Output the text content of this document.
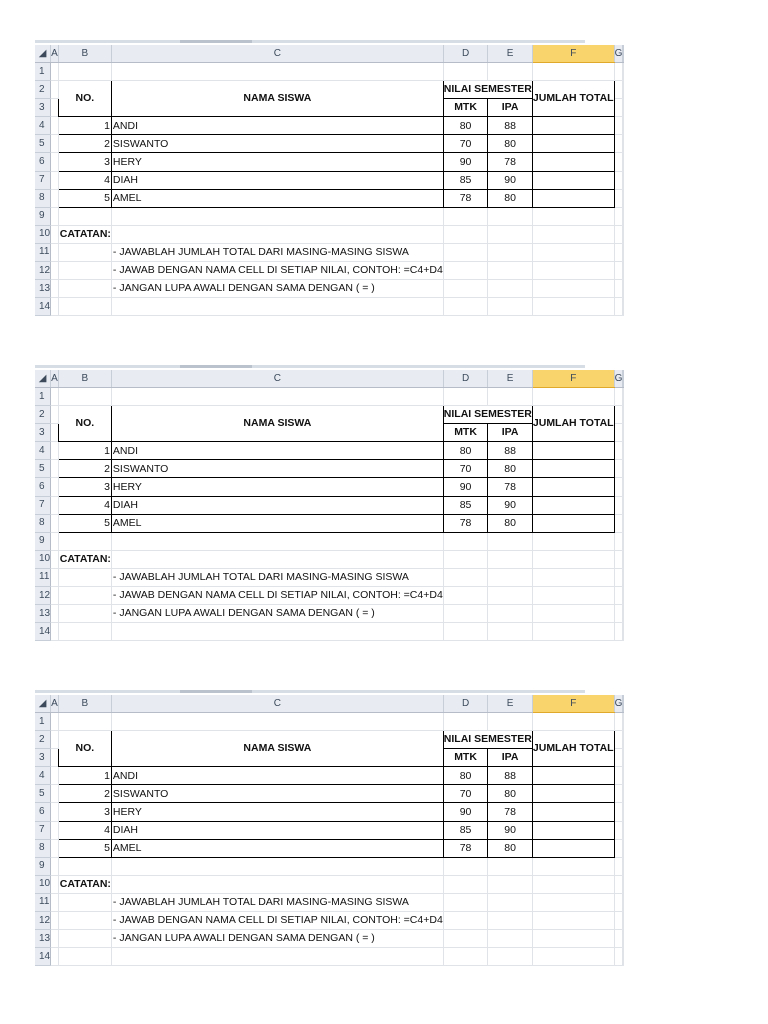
◢	A	B	C	D	E	F	G	
1								
2		NO.	NAMA SISWA	NILAI SEMESTER		JUMLAH TOTAL		
3				MTK	IPA			
4		1	ANDI	80	88			
5		2	SISWANTO	70	80			
6		3	HERY	90	78			
7		4	DIAH	85	90			
8		5	AMEL	78	80			
9								
10		CATATAN:						
11			- JAWABLAH JUMLAH TOTAL DARI MASING-MASING SISWA					
12			- JAWAB DENGAN NAMA CELL DI SETIAP NILAI, CONTOH: =C4+D4					
13			- JANGAN LUPA AWALI DENGAN SAMA DENGAN ( = )					
14								
◢	A	B	C	D	E	F	G	
1								
2		NO.	NAMA SISWA	NILAI SEMESTER		JUMLAH TOTAL		
3				MTK	IPA			
4		1	ANDI	80	88			
5		2	SISWANTO	70	80			
6		3	HERY	90	78			
7		4	DIAH	85	90			
8		5	AMEL	78	80			
9								
10		CATATAN:						
11			- JAWABLAH JUMLAH TOTAL DARI MASING-MASING SISWA					
12			- JAWAB DENGAN NAMA CELL DI SETIAP NILAI, CONTOH: =C4+D4					
13			- JANGAN LUPA AWALI DENGAN SAMA DENGAN ( = )					
14								
◢	A	B	C	D	E	F	G	
1								
2		NO.	NAMA SISWA	NILAI SEMESTER		JUMLAH TOTAL		
3				MTK	IPA			
4		1	ANDI	80	88			
5		2	SISWANTO	70	80			
6		3	HERY	90	78			
7		4	DIAH	85	90			
8		5	AMEL	78	80			
9								
10		CATATAN:						
11			- JAWABLAH JUMLAH TOTAL DARI MASING-MASING SISWA					
12			- JAWAB DENGAN NAMA CELL DI SETIAP NILAI, CONTOH: =C4+D4					
13			- JANGAN LUPA AWALI DENGAN SAMA DENGAN ( = )					
14								
